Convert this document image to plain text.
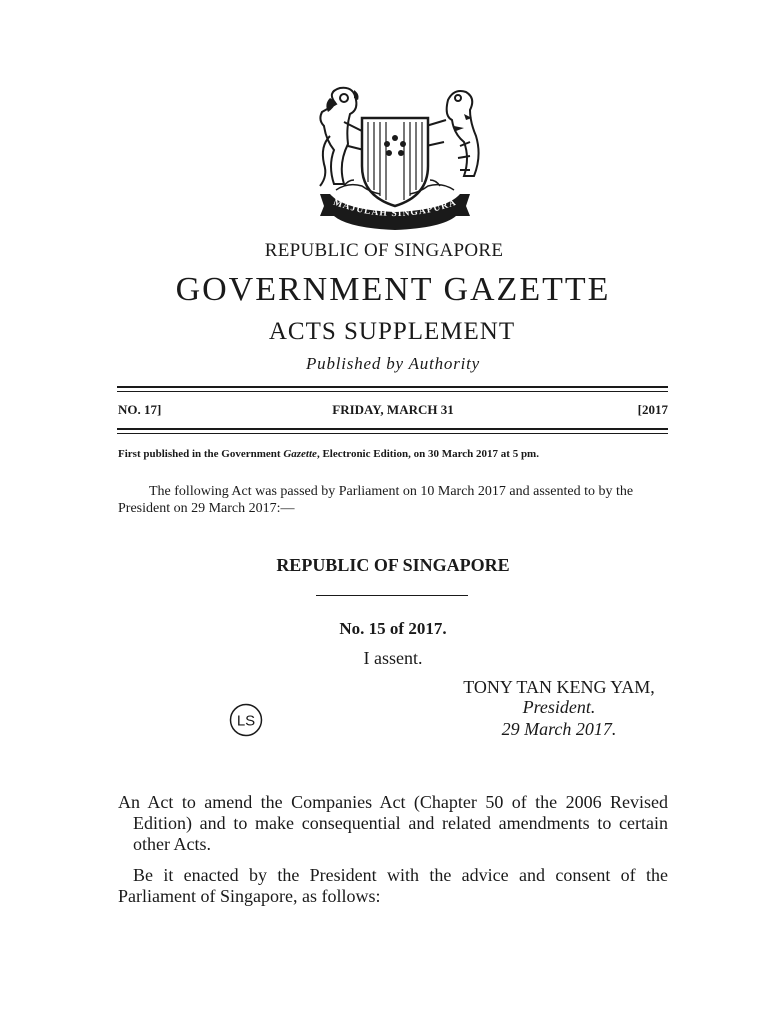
MAJULAH SINGAPURA
REPUBLIC OF SINGAPORE
GOVERNMENT GAZETTE
ACTS SUPPLEMENT
Published by Authority
NO. 17]	FRIDAY, MARCH 31	[2017
First published in the Government Gazette, Electronic Edition, on 30 March 2017 at 5 pm.
The following Act was passed by Parliament on 10 March 2017 and assented to by the President on 29 March 2017:—
REPUBLIC OF SINGAPORE
No. 15 of 2017.
I assent.
TONY TAN KENG YAM,
President.
29 March 2017.
LS
An Act to amend the Companies Act (Chapter 50 of the 2006 Revised Edition) and to make consequential and related amendments to certain other Acts.
Be it enacted by the President with the advice and consent of the Parliament of Singapore, as follows:
